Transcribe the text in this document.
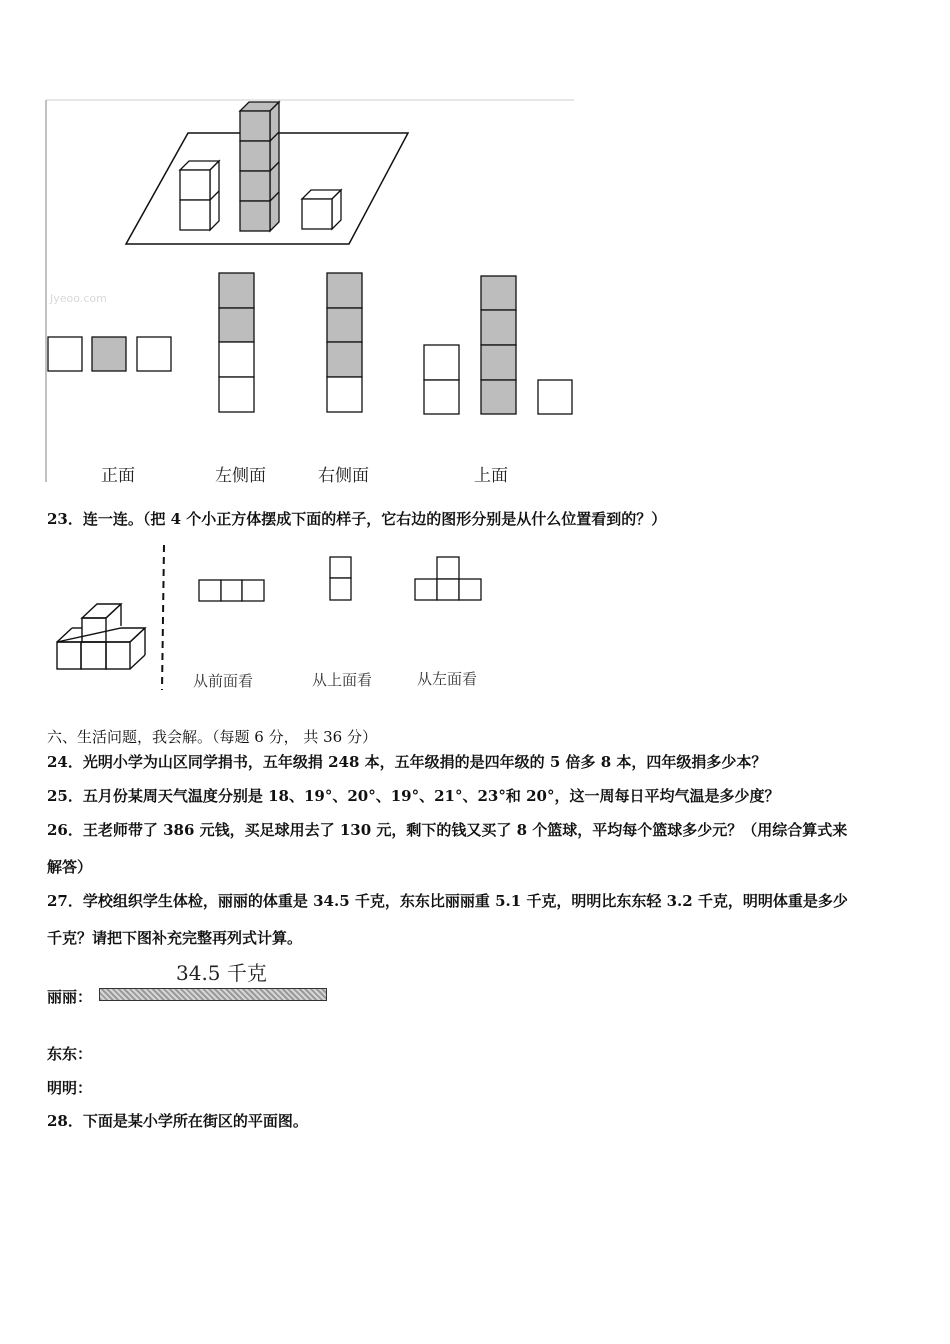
Jyeoo.com
正面	左侧面	右侧面	上面
23．连一连。（把 4 个小正方体摆成下面的样子，它右边的图形分别是从什么位置看到的？）
从前面看	从上面看	从左面看
六、生活问题，我会解。（每题 6 分， 共 36 分）
24．光明小学为山区同学捐书，五年级捐 248 本，五年级捐的是四年级的 5 倍多 8 本，四年级捐多少本？
25．五月份某周天气温度分别是 18、19°、20°、19°、21°、23°和 20°，这一周每日平均气温是多少度？
26．王老师带了 386 元钱，买足球用去了 130 元，剩下的钱又买了 8 个篮球，平均每个篮球多少元？（用综合算式来
解答）
27．学校组织学生体检，丽丽的体重是 34.5 千克，东东比丽丽重 5.1 千克，明明比东东轻 3.2 千克，明明体重是多少
千克？请把下图补充完整再列式计算。
34.5 千克
丽丽：
东东：
明明：
28．下面是某小学所在街区的平面图。
